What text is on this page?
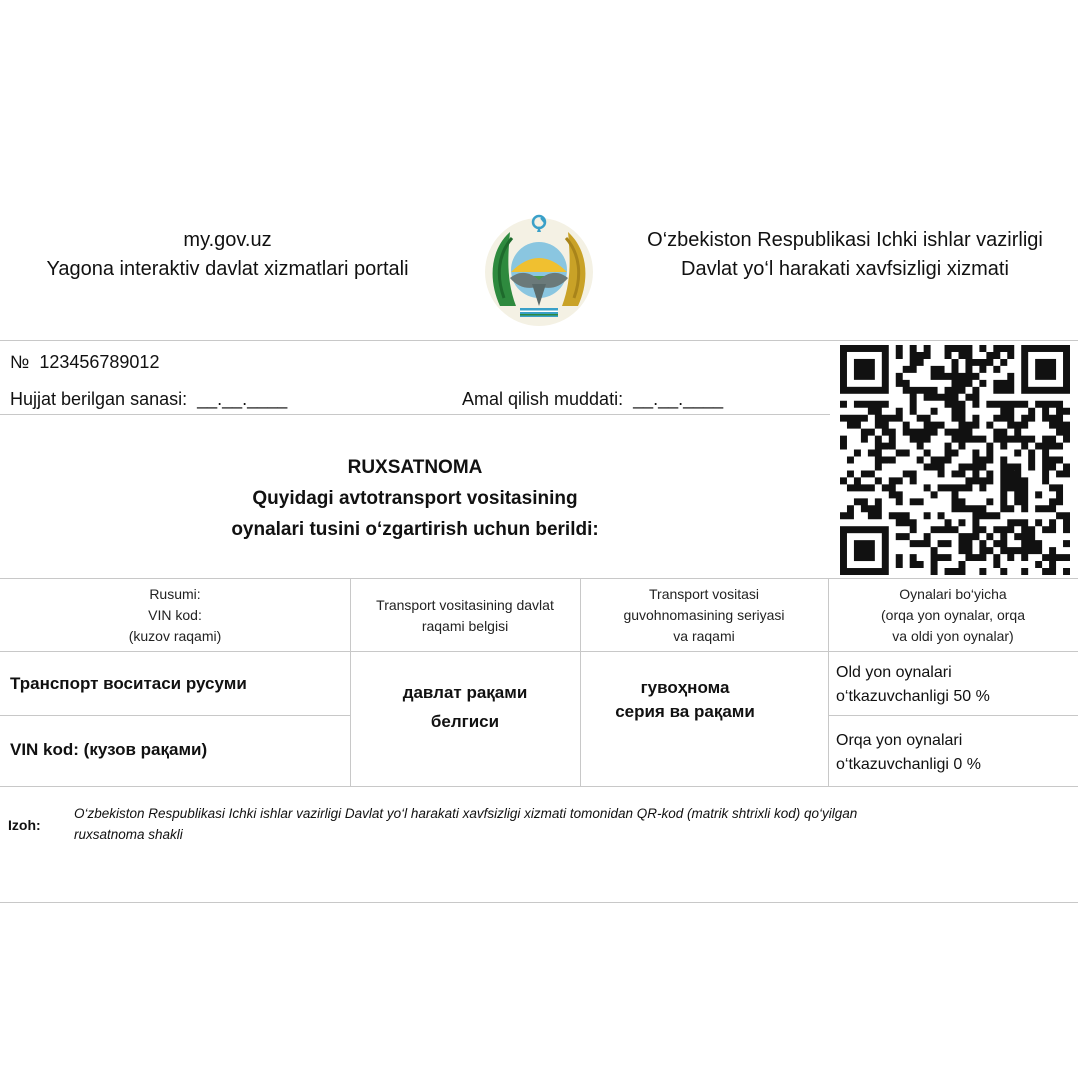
my.gov.uz
Yagona interaktiv davlat xizmatlari portali
O‘zbekiston Respublikasi Ichki ishlar vazirligi
Davlat yo‘l harakati xavfsizligi xizmati
№ 123456789012
Hujjat berilgan sanasi: __.__.____	Amal qilish muddati: __.__.____
RUXSATNOMA
Quyidagi avtotransport vositasining
oynalari tusini o‘zgartirish uchun berildi:
Rusumi:
VIN kod:
(kuzov raqami)
Transport vositasining davlat
raqami belgisi
Transport vositasi
guvohnomasining seriyasi
va raqami
Oynalari bo‘yicha
(orqa yon oynalar, orqa
va oldi yon oynalar)
Транспорт воситаси русуми
VIN kod: (кузов рақами)
давлат рақами
белгиси
гувоҳнома
серия ва рақами
Old yon oynalari
o‘tkazuvchanligi 50 %
Orqa yon oynalari
o‘tkazuvchanligi 0 %
Izoh:
O‘zbekiston Respublikasi Ichki ishlar vazirligi Davlat yo‘l harakati xavfsizligi xizmati tomonidan QR-kod (matrik shtrixli kod) qo‘yilgan
ruxsatnoma shakli
